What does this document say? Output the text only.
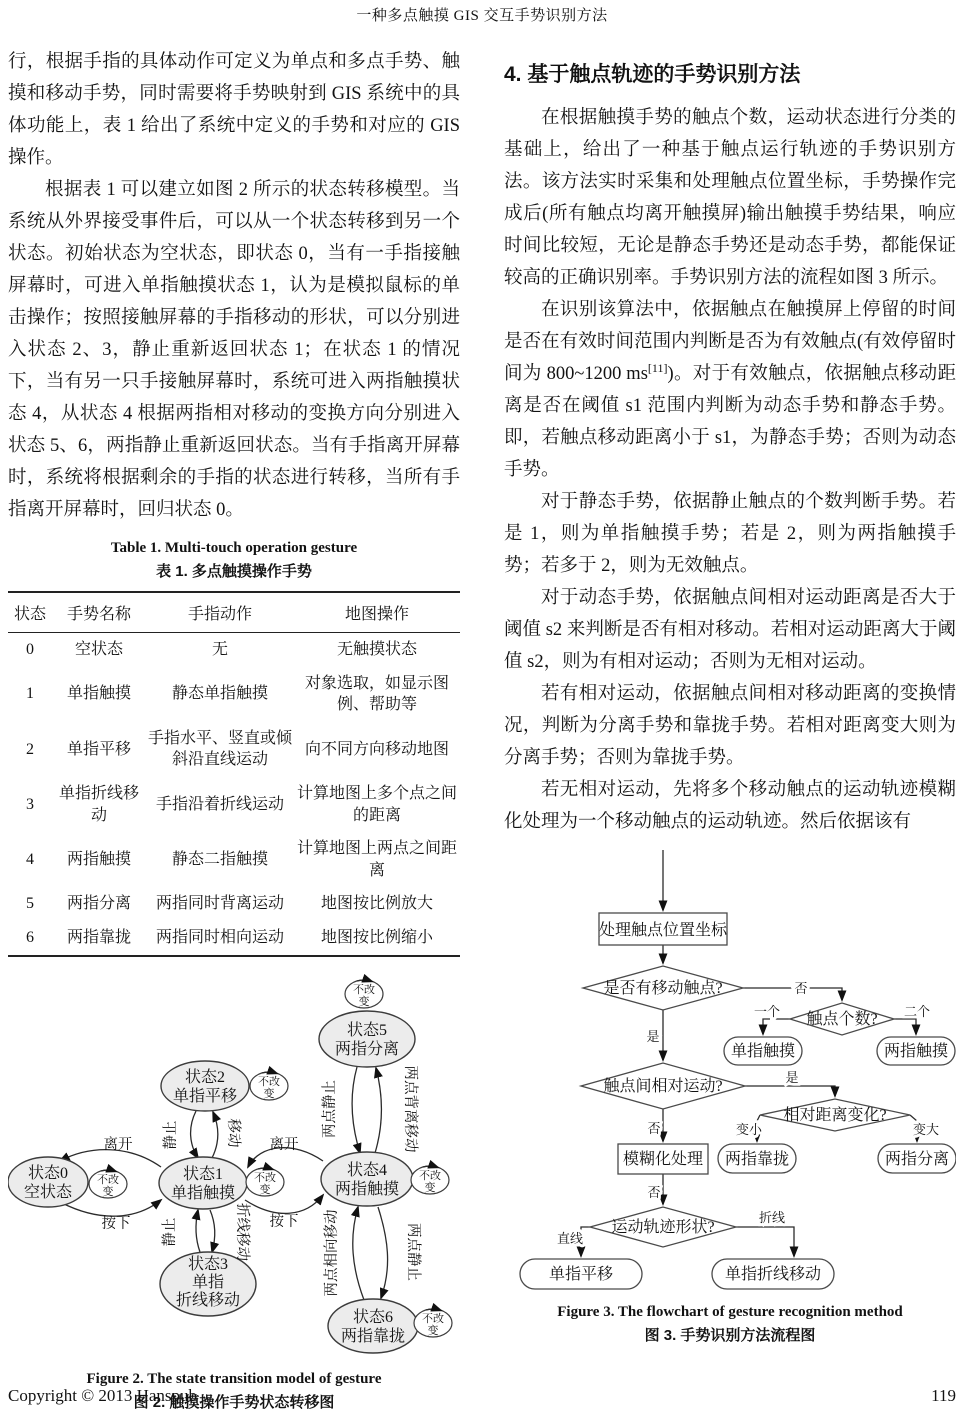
一种多点触摸 GIS 交互手势识别方法

行，根据手指的具体动作可定义为单点和多点手势、触摸和移动手势，同时需要将手势映射到 GIS 系统中的具体功能上，表 1 给出了系统中定义的手势和对应的 GIS 操作。

根据表 1 可以建立如图 2 所示的状态转移模型。当系统从外界接受事件后，可以从一个状态转移到另一个状态。初始状态为空状态，即状态 0，当有一手指接触屏幕时，可进入单指触摸状态 1，认为是模拟鼠标的单击操作；按照接触屏幕的手指移动的形状，可以分别进入状态 2、3，静止重新返回状态 1；在状态 1 的情况下，当有另一只手接触屏幕时，系统可进入两指触摸状态 4，从状态 4 根据两指相对移动的变换方向分别进入状态 5、6，两指静止重新返回状态。当有手指离开屏幕时，系统将根据剩余的手指的状态进行转移，当所有手指离开屏幕时，回归状态 0。

Table 1. Multi-touch operation gesture
表 1. 多点触摸操作手势
状态	手势名称	手指动作	地图操作
0	空状态	无	无触摸状态
1	单指触摸	静态单指触摸	对象选取，如显示图例、帮助等
2	单指平移	手指水平、竖直或倾斜沿直线运动	向不同方向移动地图
3	单指折线移动	手指沿着折线运动	计算地图上多个点之间的距离
4	两指触摸	静态二指触摸	计算地图上两点之间距离
5	两指分离	两指同时背离运动	地图按比例放大
6	两指靠拢	两指同时相向运动	地图按比例缩小
不改
变
不改
变
不改
变
不改
变
不改
变
不改
变
状态0
空状态
状态1
单指触摸
状态2
单指平移
状态3
单指
折线移动
状态4
两指触摸
状态5
两指分离
状态6
两指靠拢
离开
按下
离开
按下
静止	移动	两点静止	两点背离移动
静止	折线移动	两点相向移动	两点静止
Figure 2. The state transition model of gesture
图 2. 触摸操作手势状态转移图
4. 基于触点轨迹的手势识别方法

在根据触摸手势的触点个数，运动状态进行分类的基础上，给出了一种基于触点运行轨迹的手势识别方法。该方法实时采集和处理触点位置坐标，手势操作完成后(所有触点均离开触摸屏)输出触摸手势结果，响应时间比较短，无论是静态手势还是动态手势，都能保证较高的正确识别率。手势识别方法的流程如图 3 所示。

在识别该算法中，依据触点在触摸屏上停留的时间是否在有效时间范围内判断是否为有效触点(有效停留时间为 800~1200 ms[11])。对于有效触点，依据触点移动距离是否在阈值 s1 范围内判断为动态手势和静态手势。即，若触点移动距离小于 s1，为静态手势；否则为动态手势。

对于静态手势，依据静止触点的个数判断手势。若是 1，则为单指触摸手势；若是 2，则为两指触摸手势；若多于 2，则为无效触点。

对于动态手势，依据触点间相对运动距离是否大于阈值 s2 来判断是否有相对移动。若相对运动距离大于阈值 s2，则为有相对运动；否则为无相对运动。

若有相对运动，依据触点间相对移动距离的变换情况，判断为分离手势和靠拢手势。若相对距离变大则为分离手势；否则为靠拢手势。

若无相对运动，先将多个移动触点的运动轨迹模糊化处理为一个移动触点的运动轨迹。然后依据该有

处理触点位置坐标
是否有移动触点?
触点个数?
单指触摸	两指触摸
触点间相对运动?
相对距离变化?
两指靠拢	两指分离
模糊化处理
运动轨迹形状?
单指平移	单指折线移动
否
一个	二个
是
是
变小	变大
否
否
直线
折线
Figure 3. The flowchart of gesture recognition method
图 3. 手势识别方法流程图
Copyright © 2013 Hanspub	119
